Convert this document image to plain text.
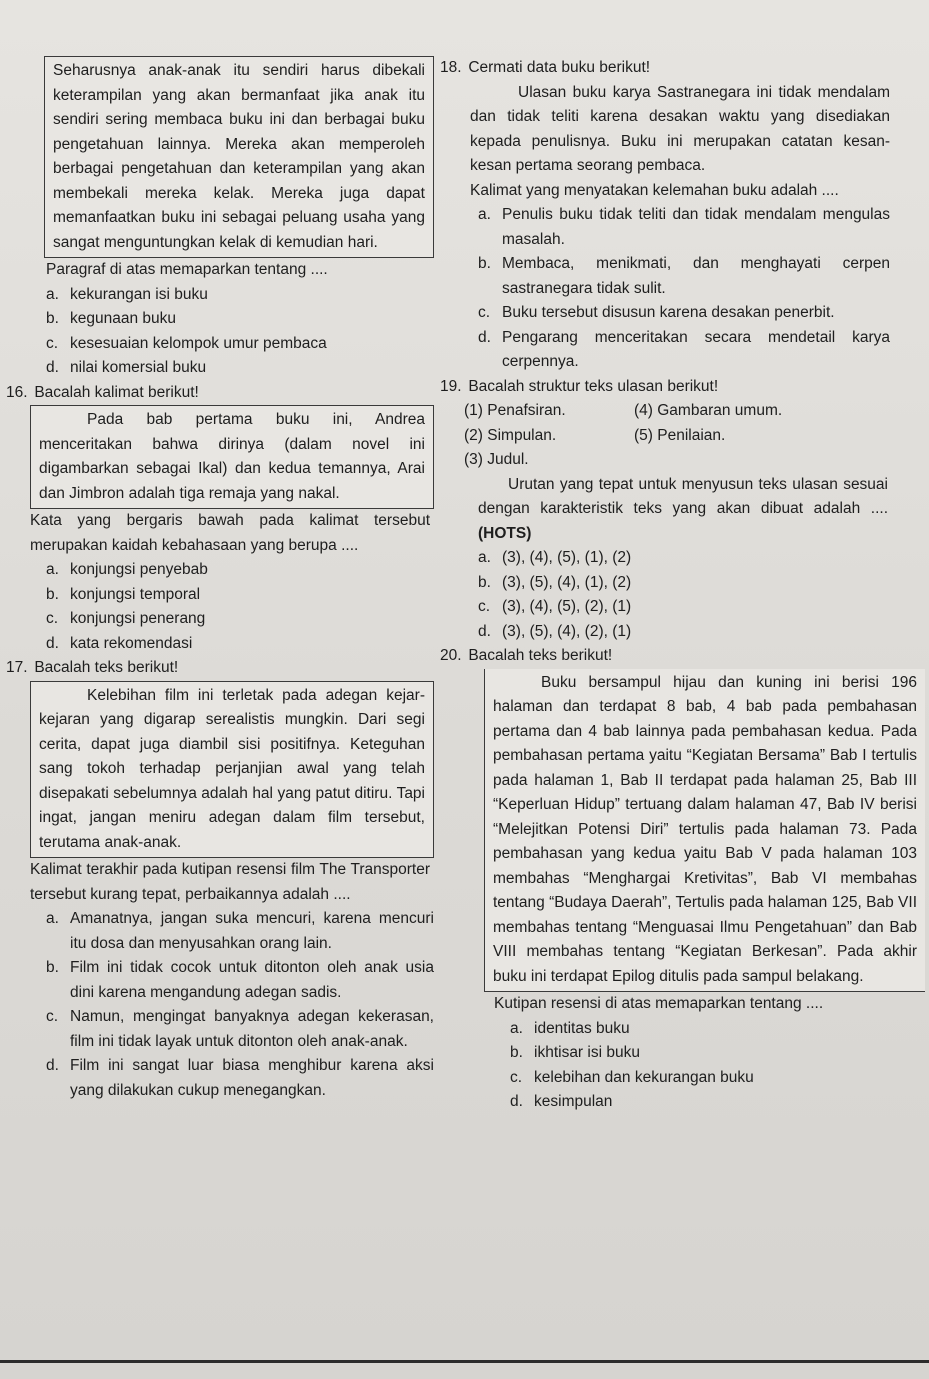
Seharusnya anak-anak itu sendiri harus dibekali keterampilan yang akan bermanfaat jika anak itu sendiri sering membaca buku ini dan berbagai buku pengetahuan lainnya. Mereka akan memperoleh berbagai pengetahuan dan keterampilan yang akan membekali mereka kelak. Mereka juga dapat memanfaatkan buku ini sebagai peluang usaha yang sangat menguntungkan kelak di kemudian hari.

Paragraf di atas memaparkan tentang ....
a. kekurangan isi buku
b. kegunaan buku
c. kesesuaian kelompok umur pembaca
d. nilai komersial buku
16. Bacalah kalimat berikut!

Pada bab pertama buku ini, Andrea menceritakan bahwa dirinya (dalam novel ini digambarkan sebagai Ikal) dan kedua temannya, Arai dan Jimbron adalah tiga remaja yang nakal.

Kata yang bergaris bawah pada kalimat tersebut merupakan kaidah kebahasaan yang berupa ....
a. konjungsi penyebab
b. konjungsi temporal
c. konjungsi penerang
d. kata rekomendasi
17. Bacalah teks berikut!

Kelebihan film ini terletak pada adegan kejar-kejaran yang digarap serealistis mungkin. Dari segi cerita, dapat juga diambil sisi positifnya. Keteguhan sang tokoh terhadap perjanjian awal yang telah disepakati sebelumnya adalah hal yang patut ditiru. Tapi ingat, jangan meniru adegan dalam film tersebut, terutama anak-anak.

Kalimat terakhir pada kutipan resensi film The Transporter tersebut kurang tepat, perbaikannya adalah ....
a. Amanatnya, jangan suka mencuri, karena mencuri itu dosa dan menyusahkan orang lain.
b. Film ini tidak cocok untuk ditonton oleh anak usia dini karena mengandung adegan sadis.
c. Namun, mengingat banyaknya adegan kekerasan, film ini tidak layak untuk ditonton oleh anak-anak.
d. Film ini sangat luar biasa menghibur karena aksi yang dilakukan cukup menegangkan.
18. Cermati data buku berikut!

Ulasan buku karya Sastranegara ini tidak mendalam dan tidak teliti karena desakan waktu yang disediakan kepada penulisnya. Buku ini merupakan catatan kesan-kesan pertama seorang pembaca.

Kalimat yang menyatakan kelemahan buku adalah ....
a. Penulis buku tidak teliti dan tidak mendalam mengulas masalah.
b. Membaca, menikmati, dan menghayati cerpen sastranegara tidak sulit.
c. Buku tersebut disusun karena desakan penerbit.
d. Pengarang menceritakan secara mendetail karya cerpennya.
19. Bacalah struktur teks ulasan berikut!
(1) Penafsiran.	(4) Gambaran umum.
(2) Simpulan.	(5) Penilaian.
(3) Judul.
Urutan yang tepat untuk menyusun teks ulasan sesuai dengan karakteristik teks yang akan dibuat adalah .... (HOTS)
a. (3), (4), (5), (1), (2)
b. (3), (5), (4), (1), (2)
c. (3), (4), (5), (2), (1)
d. (3), (5), (4), (2), (1)
20. Bacalah teks berikut!

Buku bersampul hijau dan kuning ini berisi 196 halaman dan terdapat 8 bab, 4 bab pada pembahasan pertama dan 4 bab lainnya pada pembahasan kedua. Pada pembahasan pertama yaitu “Kegiatan Bersama” Bab I tertulis pada halaman 1, Bab II terdapat pada halaman 25, Bab III “Keperluan Hidup” tertuang dalam halaman 47, Bab IV berisi “Melejitkan Potensi Diri” tertulis pada halaman 73. Pada pembahasan yang kedua yaitu Bab V pada halaman 103 membahas “Menghargai Kretivitas”, Bab VI membahas tentang “Budaya Daerah”, Tertulis pada halaman 125, Bab VII membahas tentang “Menguasai Ilmu Pengetahuan” dan Bab VIII membahas tentang “Kegiatan Berkesan”. Pada akhir buku ini terdapat Epilog ditulis pada sampul belakang.

Kutipan resensi di atas memaparkan tentang ....
a. identitas buku
b. ikhtisar isi buku
c. kelebihan dan kekurangan buku
d. kesimpulan
